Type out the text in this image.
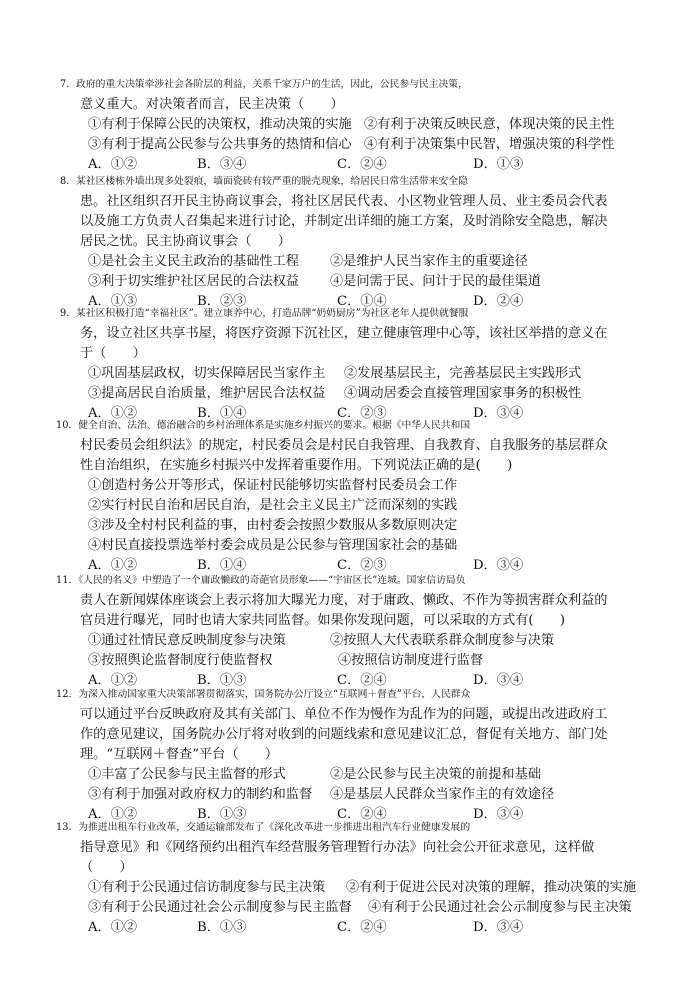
7．政府的重大决策牵涉社会各阶层的利益，关系千家万户的生活，因此，公民参与民主决策，
意义重大。对决策者而言，民主决策（　　）
①有利于保障公民的决策权，推动决策的实施 ②有利于决策反映民意，体现决策的民主性
③有利于提高公民参与公共事务的热情和信心 ④有利于决策集中民智，增强决策的科学性
A．①②	B．③④	C．②④	D．①③
8．某社区楼栋外墙出现多处裂痕，墙面瓷砖有较严重的脱壳现象，给居民日常生活带来安全隐
患。社区组织召开民主协商议事会，将社区居民代表、小区物业管理人员、业主委员会代表
以及施工方负责人召集起来进行讨论，并制定出详细的施工方案，及时消除安全隐患，解决
居民之忧。民主协商议事会（　　）
①是社会主义民主政治的基础性工程 ②是维护人民当家作主的重要途径
③利于切实维护社区居民的合法权益 ④是问需于民、问计于民的最佳渠道
A．①③	B．②③	C．①④	D．②④
9．某社区积极打造“幸福社区”。建立康养中心，打造品牌“奶奶厨房”为社区老年人提供就餐服
务，设立社区共享书屋，将医疗资源下沉社区，建立健康管理中心等，该社区举措的意义在
于（　　）
①巩固基层政权，切实保障居民当家作主 ②发展基层民主，完善基层民主实践形式
③提高居民自治质量，维护居民合法权益 ④调动居委会直接管理国家事务的积极性
A．①②	B．①④	C．②③	D．③④
10．健全自治、法治、德治融合的乡村治理体系是实施乡村振兴的要求。根据《中华人民共和国
村民委员会组织法》的规定，村民委员会是村民自我管理、自我教育、自我服务的基层群众
性自治组织，在实施乡村振兴中发挥着重要作用。下列说法正确的是(　　)
①创造村务公开等形式，保证村民能够切实监督村民委员会工作
②实行村民自治和居民自治，是社会主义民主广泛而深刻的实践
③涉及全村村民利益的事，由村委会按照少数服从多数原则决定
④村民直接投票选举村委会成员是公民参与管理国家社会的基础
A．①②	B．①④	C．②③	D．③④
11．《人民的名义》中塑造了一个庸政懒政的奇葩官员形象——“宇宙区长”连城。国家信访局负
责人在新闻媒体座谈会上表示将加大曝光力度，对于庸政、懒政、不作为等损害群众利益的
官员进行曝光，同时也请大家共同监督。如果你发现问题，可以采取的方式有(　　)
①通过社情民意反映制度参与决策	②按照人大代表联系群众制度参与决策
③按照舆论监督制度行使监督权	④按照信访制度进行监督
A．①②	B．①③	C．②④	D．③④
12．为深入推动国家重大决策部署贯彻落实，国务院办公厅设立“互联网＋督查”平台，人民群众
可以通过平台反映政府及其有关部门、单位不作为慢作为乱作为的问题，或提出改进政府工
作的意见建议，国务院办公厅将对收到的问题线索和意见建议汇总，督促有关地方、部门处
理。“互联网＋督查”平台（　　）
①丰富了公民参与民主监督的形式	②是公民参与民主决策的前提和基础
③有利于加强对政府权力的制约和监督 ④是基层人民群众当家作主的有效途径
A．①②	B．①③	C．②④	D．③④
13．为推进出租车行业改革，交通运输部发布了《深化改革进一步推进出租汽车行业健康发展的
指导意见》和《网络预约出租汽车经营服务管理暂行办法》向社会公开征求意见，这样做
（　　）
①有利于公民通过信访制度参与民主决策 ②有利于促进公民对决策的理解，推动决策的实施
③有利于公民通过社会公示制度参与民主监督 ④有利于公民通过社会公示制度参与民主决策
A．①②	B．①③	C．②④	D．③④
